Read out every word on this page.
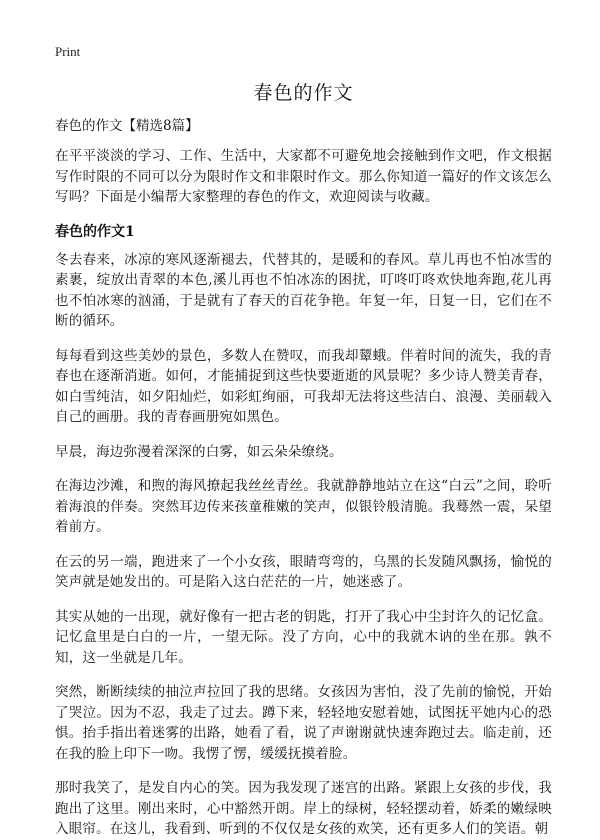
Print
春色的作文
春色的作文【精选8篇】

在平平淡淡的学习、工作、生活中，大家都不可避免地会接触到作文吧，作文根据写作时限的不同可以分为限时作文和非限时作文。那么你知道一篇好的作文该怎么写吗？下面是小编帮大家整理的春色的作文，欢迎阅读与收藏。

春色的作文1

冬去春来，冰凉的寒风逐渐褪去，代替其的，是暖和的春风。草儿再也不怕冰雪的素裹，绽放出青翠的本色,溪儿再也不怕冰冻的困扰，叮咚叮咚欢快地奔跑,花儿再也不怕冰寒的汹涌，于是就有了春天的百花争艳。年复一年，日复一日，它们在不断的循环。

每每看到这些美妙的景色，多数人在赞叹，而我却颦蛾。伴着时间的流失，我的青春也在逐渐消逝。如何，才能捕捉到这些快要逝逝的风景呢？多少诗人赞美青春，如白雪纯洁，如夕阳灿烂，如彩虹绚丽，可我却无法将这些洁白、浪漫、美丽载入自己的画册。我的青春画册宛如黑色。

早晨，海边弥漫着深深的白雾，如云朵朵缭绕。

在海边沙滩，和煦的海风撩起我丝丝青丝。我就静静地站立在这“白云”之间，聆听着海浪的伴奏。突然耳边传来孩童稚嫩的笑声，似银铃般清脆。我蓦然一震，呆望着前方。

在云的另一端，跑进来了一个小女孩，眼睛弯弯的，乌黑的长发随风飘扬，愉悦的笑声就是她发出的。可是陷入这白茫茫的一片，她迷惑了。

其实从她的一出现，就好像有一把古老的钥匙，打开了我心中尘封许久的记忆盒。记忆盒里是白白的一片，一望无际。没了方向，心中的我就木讷的坐在那。孰不知，这一坐就是几年。

突然，断断续续的抽泣声拉回了我的思绪。女孩因为害怕，没了先前的愉悦，开始了哭泣。因为不忍，我走了过去。蹲下来，轻轻地安慰着她，试图抚平她内心的恐惧。抬手指出着迷雾的出路，她看了看，说了声谢谢就快速奔跑过去。临走前，还在我的脸上印下一吻。我愣了愣，缓缓抚摸着脸。

那时我笑了，是发自内心的笑。因为我发现了迷宫的出路。紧跟上女孩的步伐，我跑出了这里。刚出来时，心中豁然开朗。岸上的绿树，轻轻摆动着，娇柔的嫩绿映入眼帘。在这儿，我看到、听到的不仅仅是女孩的欢笑，还有更多人们的笑语。朝
